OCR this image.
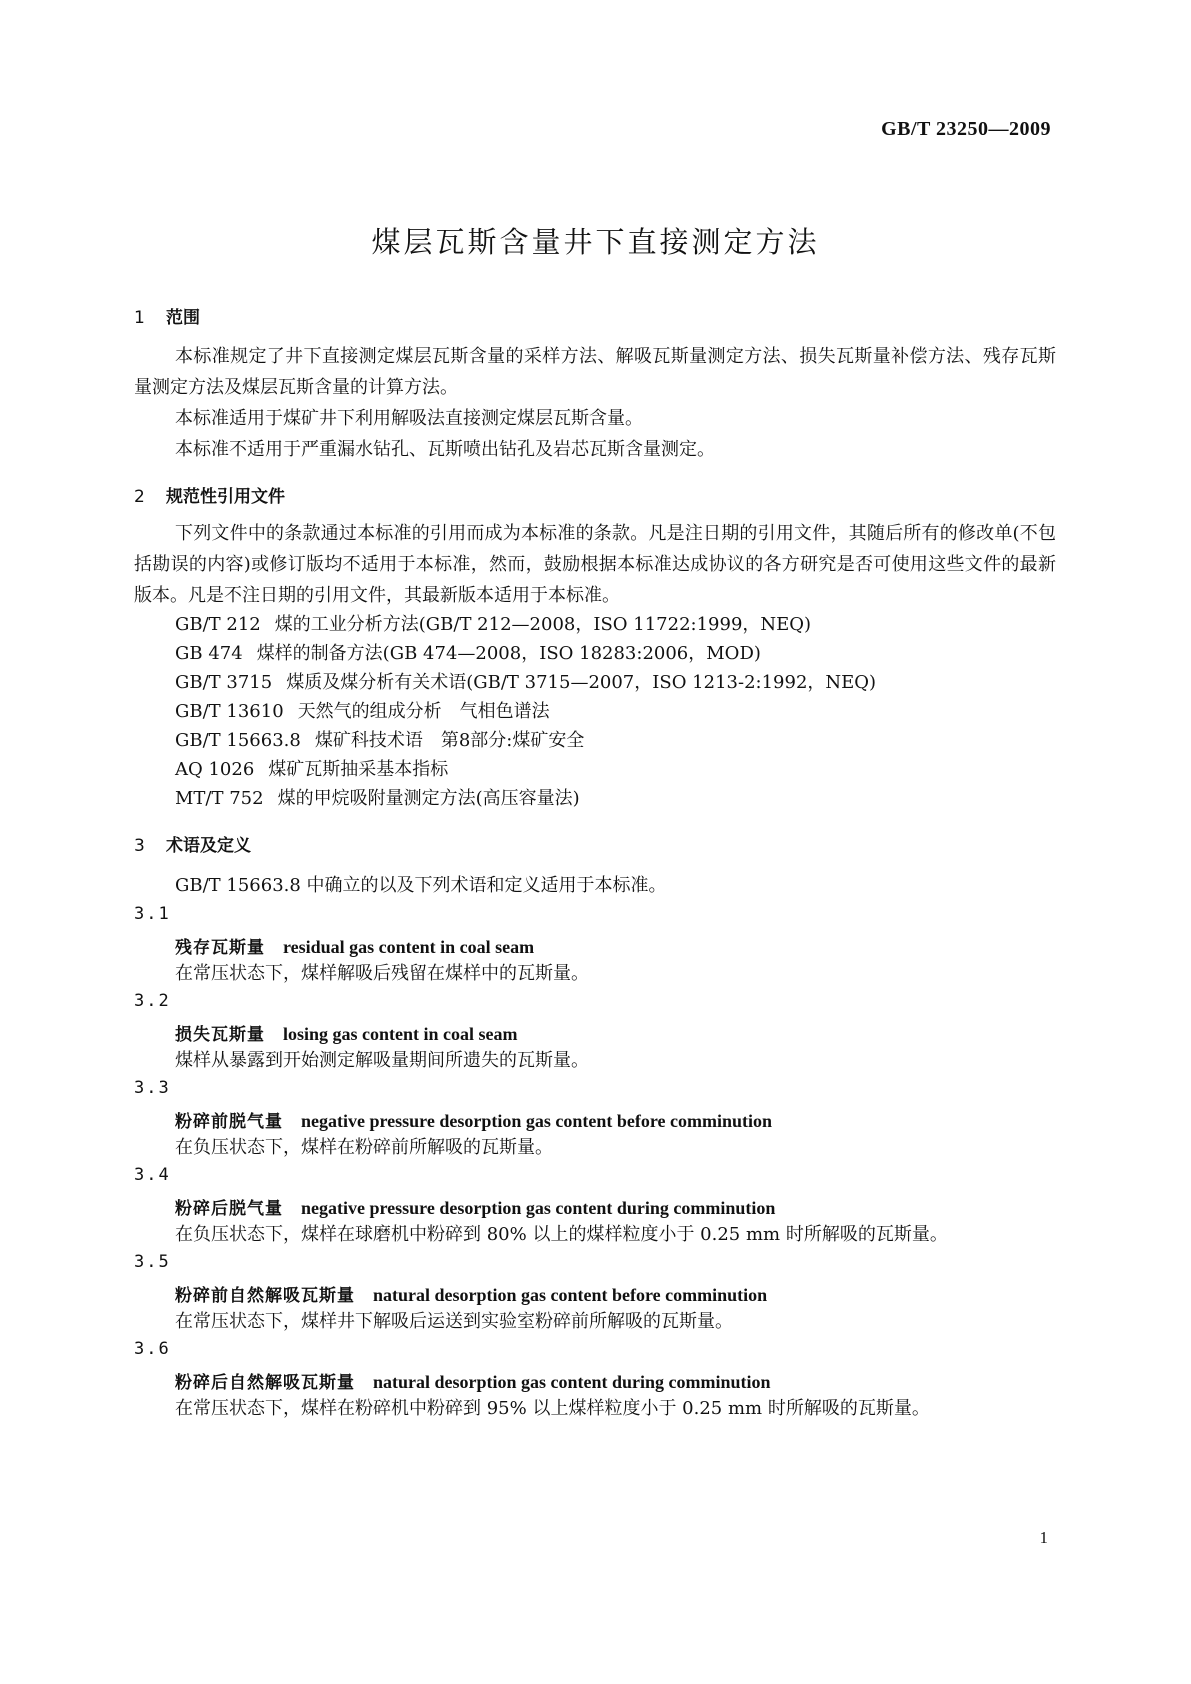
GB/T 23250—2009
煤层瓦斯含量井下直接测定方法
1 范围

本标准规定了井下直接测定煤层瓦斯含量的采样方法、解吸瓦斯量测定方法、损失瓦斯量补偿方法、残存瓦斯量测定方法及煤层瓦斯含量的计算方法。

本标准适用于煤矿井下利用解吸法直接测定煤层瓦斯含量。

本标准不适用于严重漏水钻孔、瓦斯喷出钻孔及岩芯瓦斯含量测定。

2 规范性引用文件

下列文件中的条款通过本标准的引用而成为本标准的条款。凡是注日期的引用文件，其随后所有的修改单(不包括勘误的内容)或修订版均不适用于本标准，然而，鼓励根据本标准达成协议的各方研究是否可使用这些文件的最新版本。凡是不注日期的引用文件，其最新版本适用于本标准。

GB/T 212 煤的工业分析方法(GB/T 212—2008，ISO 11722:1999，NEQ)
GB 474 煤样的制备方法(GB 474—2008，ISO 18283:2006，MOD)
GB/T 3715 煤质及煤分析有关术语(GB/T 3715—2007，ISO 1213-2:1992，NEQ)
GB/T 13610 天然气的组成分析　气相色谱法
GB/T 15663.8 煤矿科技术语　第8部分:煤矿安全
AQ 1026 煤矿瓦斯抽采基本指标
MT/T 752 煤的甲烷吸附量测定方法(高压容量法)
3 术语及定义
GB/T 15663.8 中确立的以及下列术语和定义适用于本标准。
3.1
残存瓦斯量 residual gas content in coal seam
在常压状态下，煤样解吸后残留在煤样中的瓦斯量。
3.2
损失瓦斯量 losing gas content in coal seam
煤样从暴露到开始测定解吸量期间所遗失的瓦斯量。
3.3
粉碎前脱气量 negative pressure desorption gas content before comminution
在负压状态下，煤样在粉碎前所解吸的瓦斯量。
3.4
粉碎后脱气量 negative pressure desorption gas content during comminution
在负压状态下，煤样在球磨机中粉碎到 80% 以上的煤样粒度小于 0.25 mm 时所解吸的瓦斯量。
3.5
粉碎前自然解吸瓦斯量 natural desorption gas content before comminution
在常压状态下，煤样井下解吸后运送到实验室粉碎前所解吸的瓦斯量。
3.6
粉碎后自然解吸瓦斯量 natural desorption gas content during comminution
在常压状态下，煤样在粉碎机中粉碎到 95% 以上煤样粒度小于 0.25 mm 时所解吸的瓦斯量。
1
